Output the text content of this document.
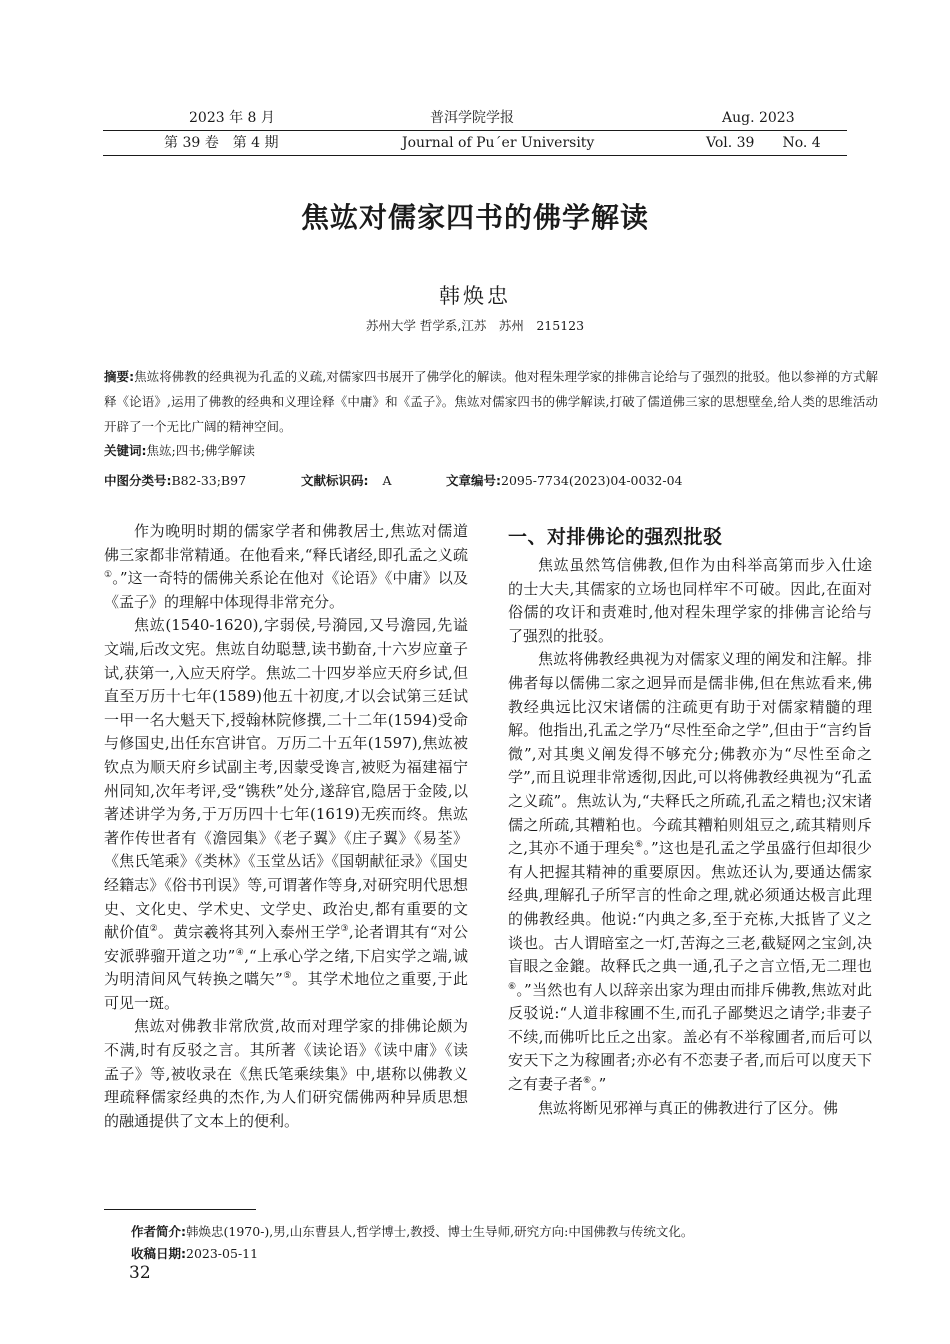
2023 年 8 月
第 39 卷　第 4 期
普洱学院学报
Journal of Pu´er University
Aug. 2023
Vol. 39　　No. 4
焦竑对儒家四书的佛学解读
韩焕忠
苏州大学 哲学系,江苏　苏州　215123
摘要:焦竑将佛教的经典视为孔孟的义疏,对儒家四书展开了佛学化的解读。他对程朱理学家的排佛言论给与了强烈的批驳。他以参禅的方式解释《论语》,运用了佛教的经典和义理诠释《中庸》和《孟子》。焦竑对儒家四书的佛学解读,打破了儒道佛三家的思想壁垒,给人类的思维活动开辟了一个无比广阔的精神空间。
关键词:焦竑;四书;佛学解读
中图分类号:B82-33;B97	文献标识码: A	文章编号:2095-7734(2023)04-0032-04

作为晚明时期的儒家学者和佛教居士,焦竑对儒道佛三家都非常精通。在他看来,“释氏诸经,即孔孟之义疏①。”这一奇特的儒佛关系论在他对《论语》《中庸》以及《孟子》的理解中体现得非常充分。

焦竑(1540-1620),字弱侯,号漪园,又号澹园,先谥文端,后改文宪。焦竑自幼聪慧,读书勤奋,十六岁应童子试,获第一,入应天府学。焦竑二十四岁举应天府乡试,但直至万历十七年(1589)他五十初度,才以会试第三廷试一甲一名大魁天下,授翰林院修撰,二十二年(1594)受命与修国史,出任东宫讲官。万历二十五年(1597),焦竑被钦点为顺天府乡试副主考,因蒙受谗言,被贬为福建福宁州同知,次年考评,受“镌秩”处分,遂辞官,隐居于金陵,以著述讲学为务,于万历四十七年(1619)无疾而终。焦竑著作传世者有《澹园集》《老子翼》《庄子翼》《易荃》《焦氏笔乘》《类林》《玉堂丛话》《国朝献征录》《国史经籍志》《俗书刊误》等,可谓著作等身,对研究明代思想史、文化史、学术史、文学史、政治史,都有重要的文献价值②。黄宗羲将其列入泰州王学③,论者谓其有“对公安派骅骝开道之功”④,“上承心学之绪,下启实学之端,诚为明清间风气转换之嚆矢”⑤。其学术地位之重要,于此可见一斑。

焦竑对佛教非常欣赏,故而对理学家的排佛论颇为不满,时有反驳之言。其所著《读论语》《读中庸》《读孟子》等,被收录在《焦氏笔乘续集》中,堪称以佛教义理疏释儒家经典的杰作,为人们研究儒佛两种异质思想的融通提供了文本上的便利。

一、对排佛论的强烈批驳

焦竑虽然笃信佛教,但作为由科举高第而步入仕途的士大夫,其儒家的立场也同样牢不可破。因此,在面对俗儒的攻讦和责难时,他对程朱理学家的排佛言论给与了强烈的批驳。

焦竑将佛教经典视为对儒家义理的阐发和注解。排佛者每以儒佛二家之迥异而是儒非佛,但在焦竑看来,佛教经典远比汉宋诸儒的注疏更有助于对儒家精髓的理解。他指出,孔孟之学乃“尽性至命之学”,但由于“言约旨微”,对其奥义阐发得不够充分;佛教亦为“尽性至命之学”,而且说理非常透彻,因此,可以将佛教经典视为“孔孟之义疏”。焦竑认为,“夫释氏之所疏,孔孟之精也;汉宋诸儒之所疏,其糟粕也。今疏其糟粕则俎豆之,疏其精则斥之,其亦不通于理矣⑥。”这也是孔孟之学虽盛行但却很少有人把握其精神的重要原因。焦竑还认为,要通达儒家经典,理解孔子所罕言的性命之理,就必须通达极言此理的佛教经典。他说:“内典之多,至于充栋,大抵皆了义之谈也。古人谓暗室之一灯,苦海之三老,截疑网之宝剑,决盲眼之金鎞。故释氏之典一通,孔子之言立悟,无二理也⑥。”当然也有人以辞亲出家为理由而排斥佛教,焦竑对此反驳说:“人道非稼圃不生,而孔子鄙樊迟之请学;非妻子不续,而佛听比丘之出家。盖必有不举稼圃者,而后可以安天下之为稼圃者;亦必有不恋妻子者,而后可以度天下之有妻子者⑥。”

焦竑将断见邪禅与真正的佛教进行了区分。佛

作者简介:韩焕忠(1970-),男,山东曹县人,哲学博士,教授、博士生导师,研究方向:中国佛教与传统文化。
收稿日期:2023-05-11
32
